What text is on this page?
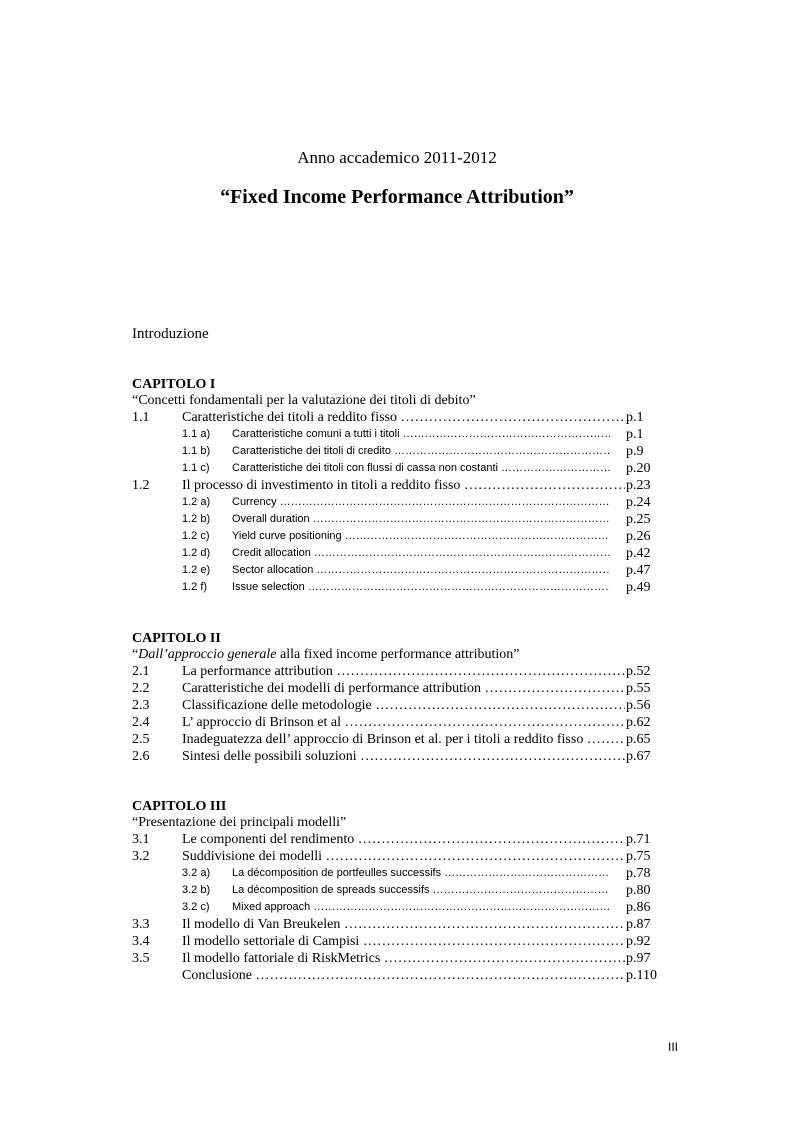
Anno accademico 2011-2012
“Fixed Income Performance Attribution”
Introduzione
CAPITOLO I
“Concetti fondamentali per la valutazione dei titoli di debito”
1.1 Caratteristiche dei titoli a reddito fisso ………………………………………………………………………………………………………………………………………………	p.1
1.1 a) Caratteristiche comuni a tutti i titoli ………………………………………………………………………………………………………………………………………………	p.1
1.1 b) Caratteristiche dei titoli di credito ………………………………………………………………………………………………………………………………………………	p.9
1.1 c) Caratteristiche dei titoli con flussi di cassa non costanti ………………………………………………………………………………………………………………………………………………	p.20
1.2 Il processo di investimento in titoli a reddito fisso ………………………………………………………………………………………………………………………………………………	p.23
1.2 a) Currency ………………………………………………………………………………………………………………………………………………	p.24
1.2 b) Overall duration ………………………………………………………………………………………………………………………………………………	p.25
1.2 c) Yield curve positioning ………………………………………………………………………………………………………………………………………………	p.26
1.2 d) Credit allocation ………………………………………………………………………………………………………………………………………………	p.42
1.2 e) Sector allocation ………………………………………………………………………………………………………………………………………………	p.47
1.2 f) Issue selection ………………………………………………………………………………………………………………………………………………	p.49
CAPITOLO II
“Dall’approccio generale alla fixed income performance attribution”
2.1 La performance attribution ………………………………………………………………………………………………………………………………………………	p.52
2.2 Caratteristiche dei modelli di performance attribution ………………………………………………………………………………………………………………………………………………	p.55
2.3 Classificazione delle metodologie ………………………………………………………………………………………………………………………………………………	p.56
2.4 L’ approccio di Brinson et al ………………………………………………………………………………………………………………………………………………	p.62
2.5 Inadeguatezza dell’ approccio di Brinson et al. per i titoli a reddito fisso ………………………………………………………………………………………………………………………………………………	p.65
2.6 Sintesi delle possibili soluzioni ………………………………………………………………………………………………………………………………………………	p.67
CAPITOLO III
“Presentazione dei principali modelli”
3.1 Le componenti del rendimento ………………………………………………………………………………………………………………………………………………	p.71
3.2 Suddivisione dei modelli ………………………………………………………………………………………………………………………………………………	p.75
3.2 a) La décomposition de portfeulles successifs ………………………………………………………………………………………………………………………………………………	p.78
3.2 b) La décomposition de spreads successifs ………………………………………………………………………………………………………………………………………………	p.80
3.2 c) Mixed approach ………………………………………………………………………………………………………………………………………………	p.86
3.3 Il modello di Van Breukelen ………………………………………………………………………………………………………………………………………………	p.87
3.4 Il modello settoriale di Campisi ………………………………………………………………………………………………………………………………………………	p.92
3.5 Il modello fattoriale di RiskMetrics ………………………………………………………………………………………………………………………………………………	p.97
Conclusione ………………………………………………………………………………………………………………………………………………	p.110
III
